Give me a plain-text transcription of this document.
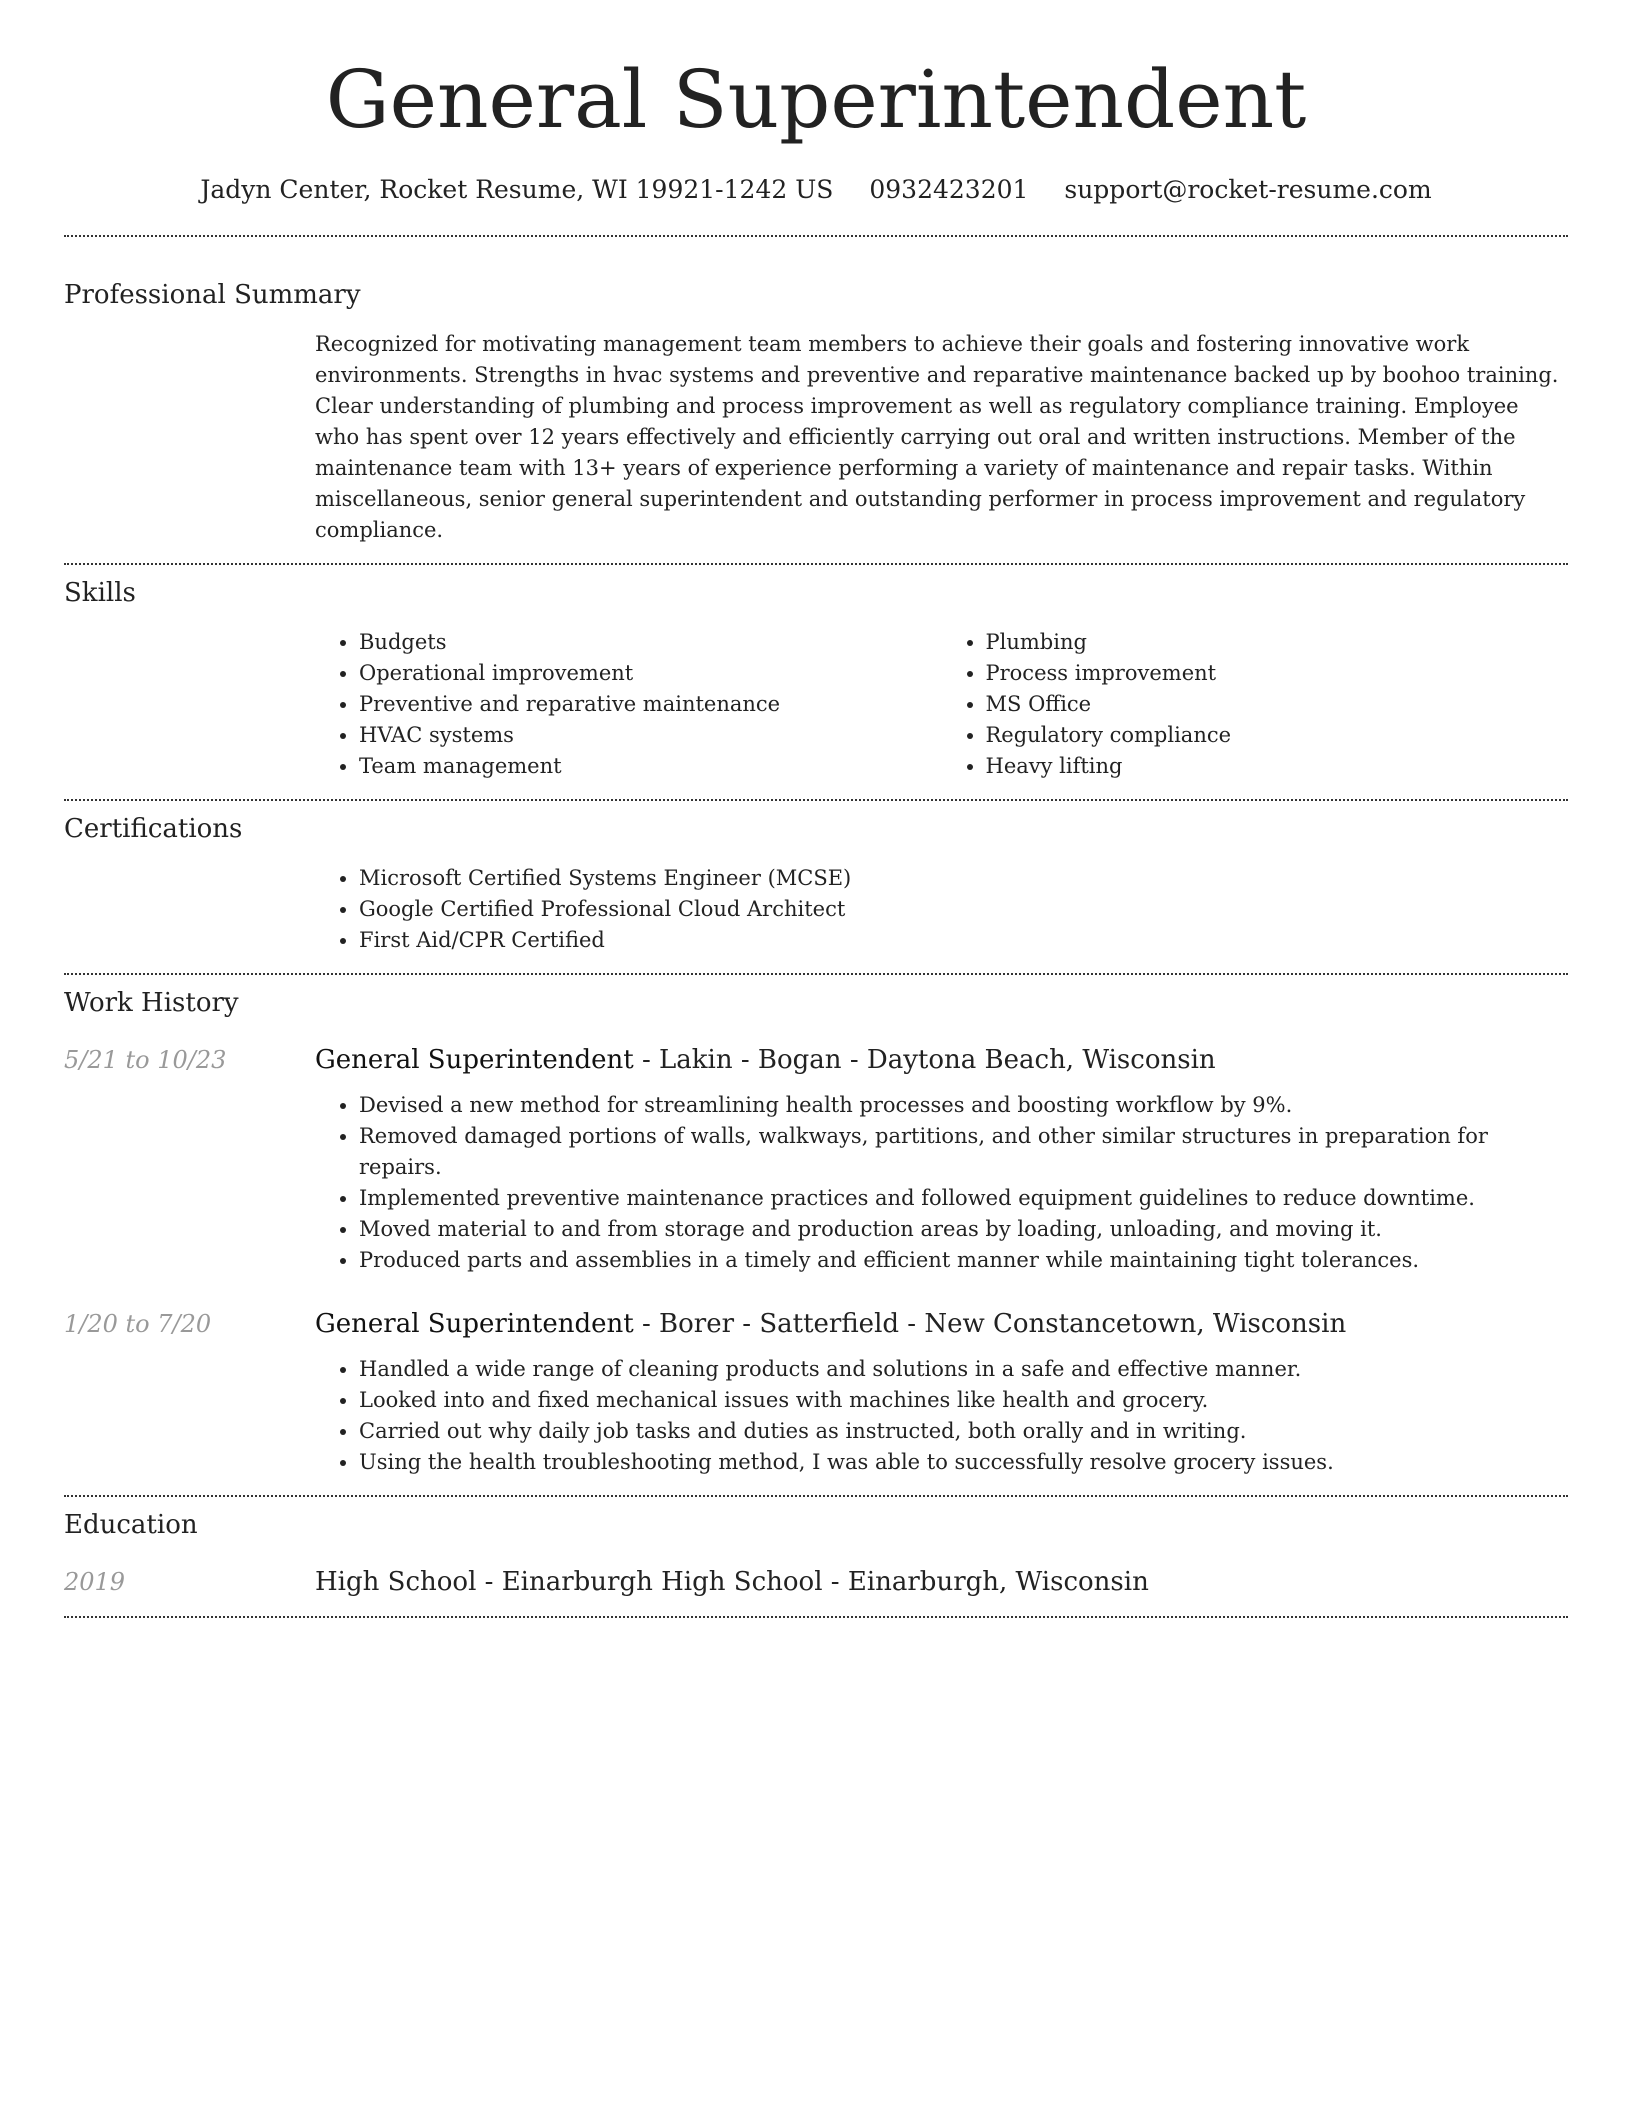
General Superintendent
Jadyn Center, Rocket Resume, WI 19921-1242 US 0932423201 support@rocket-resume.com
Professional Summary

Recognized for motivating management team members to achieve their goals and fostering innovative work environments. Strengths in hvac systems and preventive and reparative maintenance backed up by boohoo training. Clear understanding of plumbing and process improvement as well as regulatory compliance training. Employee who has spent over 12 years effectively and efficiently carrying out oral and written instructions. Member of the maintenance team with 13+ years of experience performing a variety of maintenance and repair tasks. Within miscellaneous, senior general superintendent and outstanding performer in process improvement and regulatory compliance.

Skills
• Budgets
• Operational improvement
• Preventive and reparative maintenance
• HVAC systems
• Team management
• Plumbing
• Process improvement
• MS Office
• Regulatory compliance
• Heavy lifting
Certifications
• Microsoft Certified Systems Engineer (MCSE)
• Google Certified Professional Cloud Architect
• First Aid/CPR Certified
Work History
5/21 to 10/23	General Superintendent - Lakin - Bogan - Daytona Beach, Wisconsin
• Devised a new method for streamlining health processes and boosting workflow by 9%.
• Removed damaged portions of walls, walkways, partitions, and other similar structures in preparation for repairs.
• Implemented preventive maintenance practices and followed equipment guidelines to reduce downtime.
• Moved material to and from storage and production areas by loading, unloading, and moving it.
• Produced parts and assemblies in a timely and efficient manner while maintaining tight tolerances.
1/20 to 7/20	General Superintendent - Borer - Satterfield - New Constancetown, Wisconsin
• Handled a wide range of cleaning products and solutions in a safe and effective manner.
• Looked into and fixed mechanical issues with machines like health and grocery.
• Carried out why daily job tasks and duties as instructed, both orally and in writing.
• Using the health troubleshooting method, I was able to successfully resolve grocery issues.
Education
2019	High School - Einarburgh High School - Einarburgh, Wisconsin
